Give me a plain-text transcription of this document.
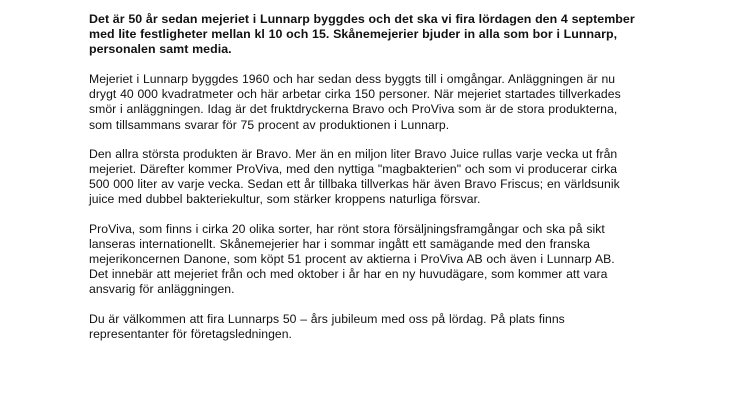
Det är 50 år sedan mejeriet i Lunnarp byggdes och det ska vi fira lördagen den 4 september
med lite festligheter mellan kl 10 och 15. Skånemejerier bjuder in alla som bor i Lunnarp,
personalen samt media.

Mejeriet i Lunnarp byggdes 1960 och har sedan dess byggts till i omgångar. Anläggningen är nu
drygt 40 000 kvadratmeter och här arbetar cirka 150 personer. När mejeriet startades tillverkades
smör i anläggningen. Idag är det fruktdryckerna Bravo och ProViva som är de stora produkterna,
som tillsammans svarar för 75 procent av produktionen i Lunnarp.

Den allra största produkten är Bravo. Mer än en miljon liter Bravo Juice rullas varje vecka ut från
mejeriet. Därefter kommer ProViva, med den nyttiga "magbakterien" och som vi producerar cirka
500 000 liter av varje vecka. Sedan ett år tillbaka tillverkas här även Bravo Friscus; en världsunik
juice med dubbel bakteriekultur, som stärker kroppens naturliga försvar.

ProViva, som finns i cirka 20 olika sorter, har rönt stora försäljningsframgångar och ska på sikt
lanseras internationellt. Skånemejerier har i sommar ingått ett samägande med den franska
mejerikoncernen Danone, som köpt 51 procent av aktierna i ProViva AB och även i Lunnarp AB.
Det innebär att mejeriet från och med oktober i år har en ny huvudägare, som kommer att vara
ansvarig för anläggningen.

Du är välkommen att fira Lunnarps 50 – års jubileum med oss på lördag. På plats finns
representanter för företagsledningen.
